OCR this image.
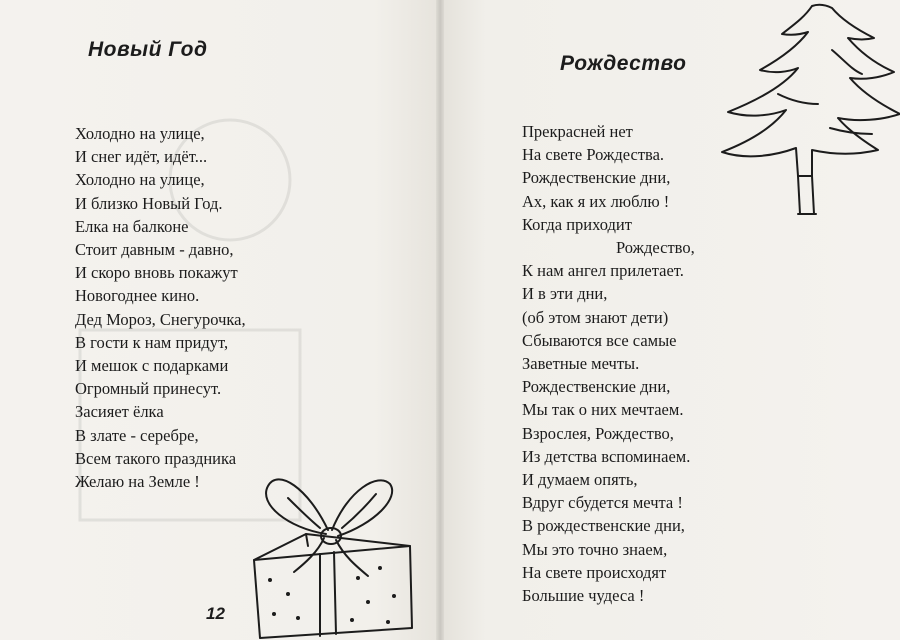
Новый Год
Холодно на улице,
И снег идёт, идёт...
Холодно на улице,
И близко Новый Год.
Елка на балконе
Стоит давным - давно,
И скоро вновь покажут
Новогоднее кино.
Дед Мороз, Снегурочка,
В гости к нам придут,
И мешок с подарками
Огромный принесут.
Засияет ёлка
В злате - серебре,
Всем такого праздника
Желаю на Земле !
12
Рождество
Прекрасней нет
На свете Рождества.
Рождественские дни,
Ах, как я их люблю !
Когда приходит
Рождество,
К нам ангел прилетает.
И в эти дни,
(об этом знают дети)
Сбываются все самые
Заветные мечты.
Рождественские дни,
Мы так о них мечтаем.
Взрослея, Рождество,
Из детства вспоминаем.
И думаем опять,
Вдруг сбудется мечта !
В рождественские дни,
Мы это точно знаем,
На свете происходят
Большие чудеса !
